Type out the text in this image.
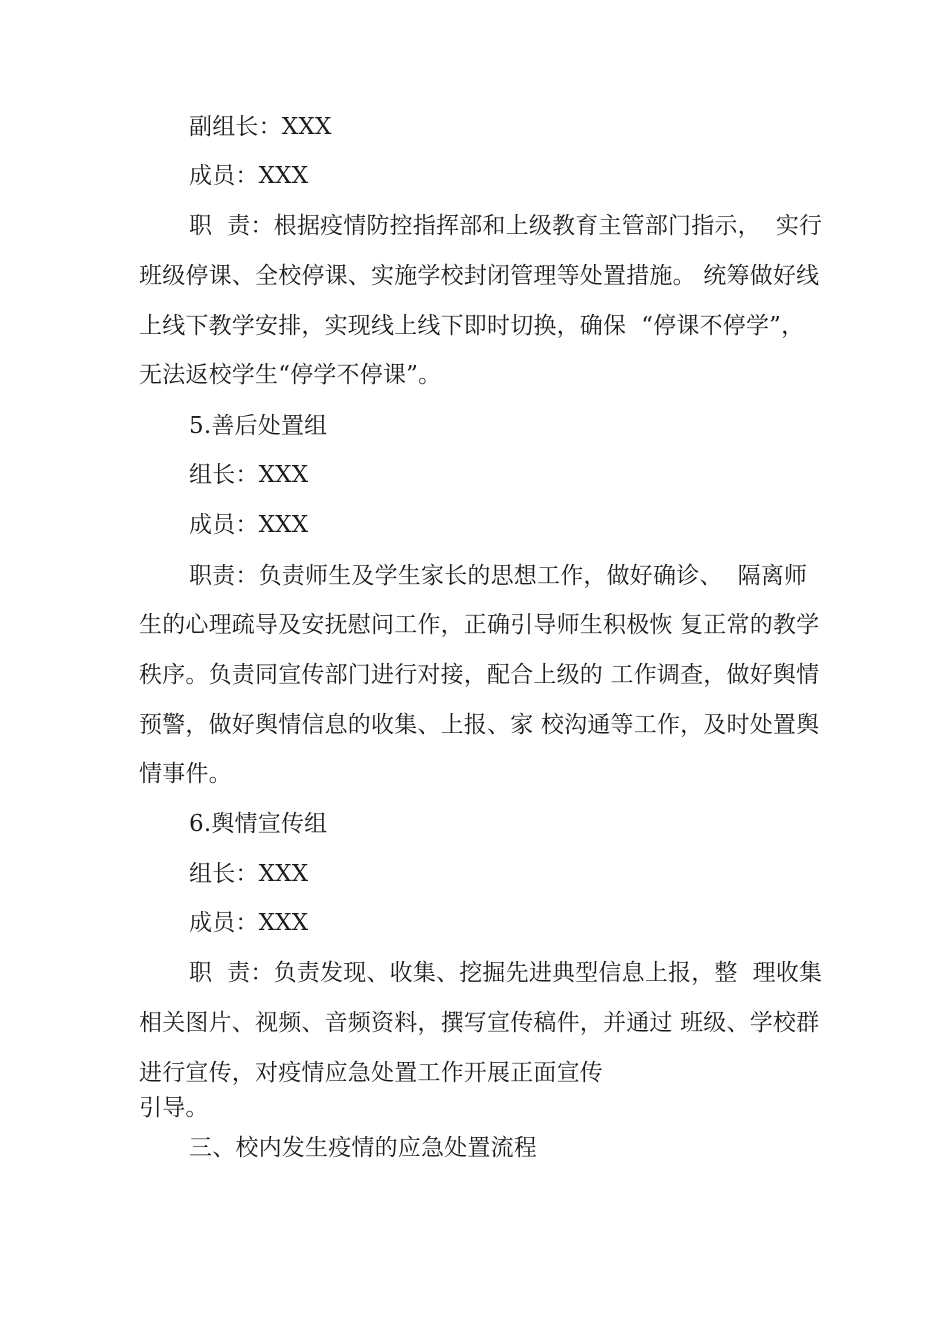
副组长：XXX
成员：XXX
职  责：根据疫情防控指挥部和上级教育主管部门指示，  实行
班级停课、全校停课、实施学校封闭管理等处置措施。 统筹做好线
上线下教学安排，实现线上线下即时切换，确保  “停课不停学”，
无法返校学生“停学不停课”。
5.善后处置组
组长：XXX
成员：XXX
职责：负责师生及学生家长的思想工作，做好确诊、  隔离师
生的心理疏导及安抚慰问工作，正确引导师生积极恢 复正常的教学
秩序。负责同宣传部门进行对接，配合上级的 工作调查，做好舆情
预警，做好舆情信息的收集、上报、家 校沟通等工作，及时处置舆
情事件。
6.舆情宣传组
组长：XXX
成员：XXX
职  责：负责发现、收集、挖掘先进典型信息上报，整  理收集
相关图片、视频、音频资料，撰写宣传稿件，并通过 班级、学校群
进行宣传，对疫情应急处置工作开展正面宣传
引导。
三、校内发生疫情的应急处置流程
